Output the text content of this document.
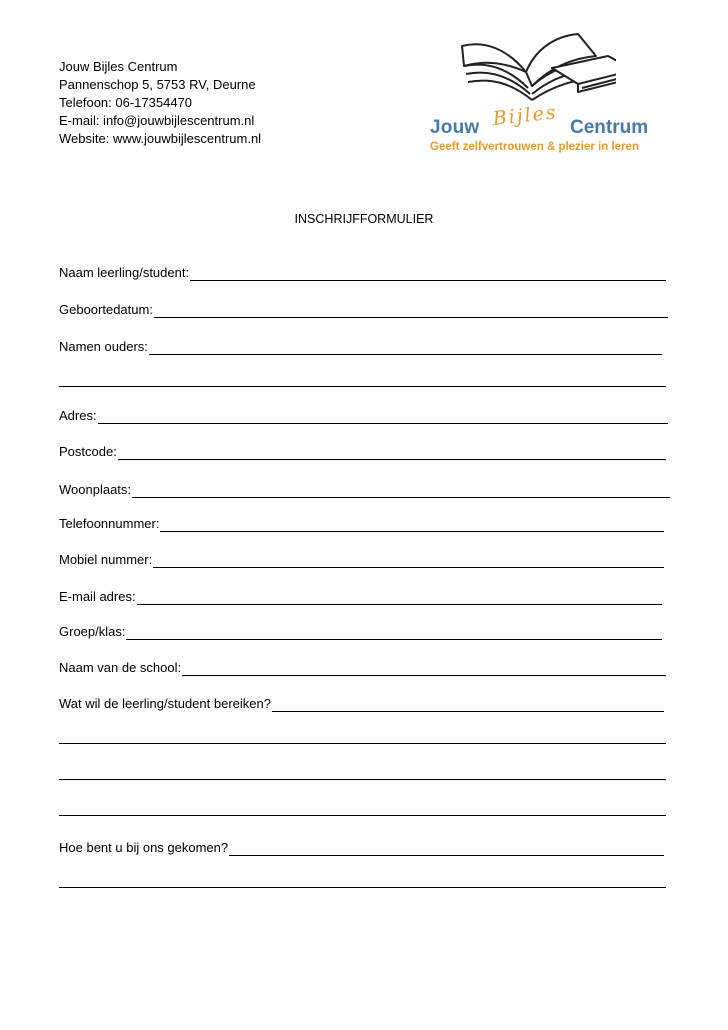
Jouw Bijles Centrum
Pannenschop 5, 5753 RV, Deurne
Telefoon: 06-17354470
E-mail: info@jouwbijlescentrum.nl
Website: www.jouwbijlescentrum.nl
Jouw Bijles Centrum
Geeft zelfvertrouwen & plezier in leren
INSCHRIJFFORMULIER
Naam leerling/student:
Geboortedatum:
Namen ouders:
Adres:
Postcode:
Woonplaats:
Telefoonnummer:
Mobiel nummer:
E-mail adres:
Groep/klas:
Naam van de school:
Wat wil de leerling/student bereiken?
Hoe bent u bij ons gekomen?
